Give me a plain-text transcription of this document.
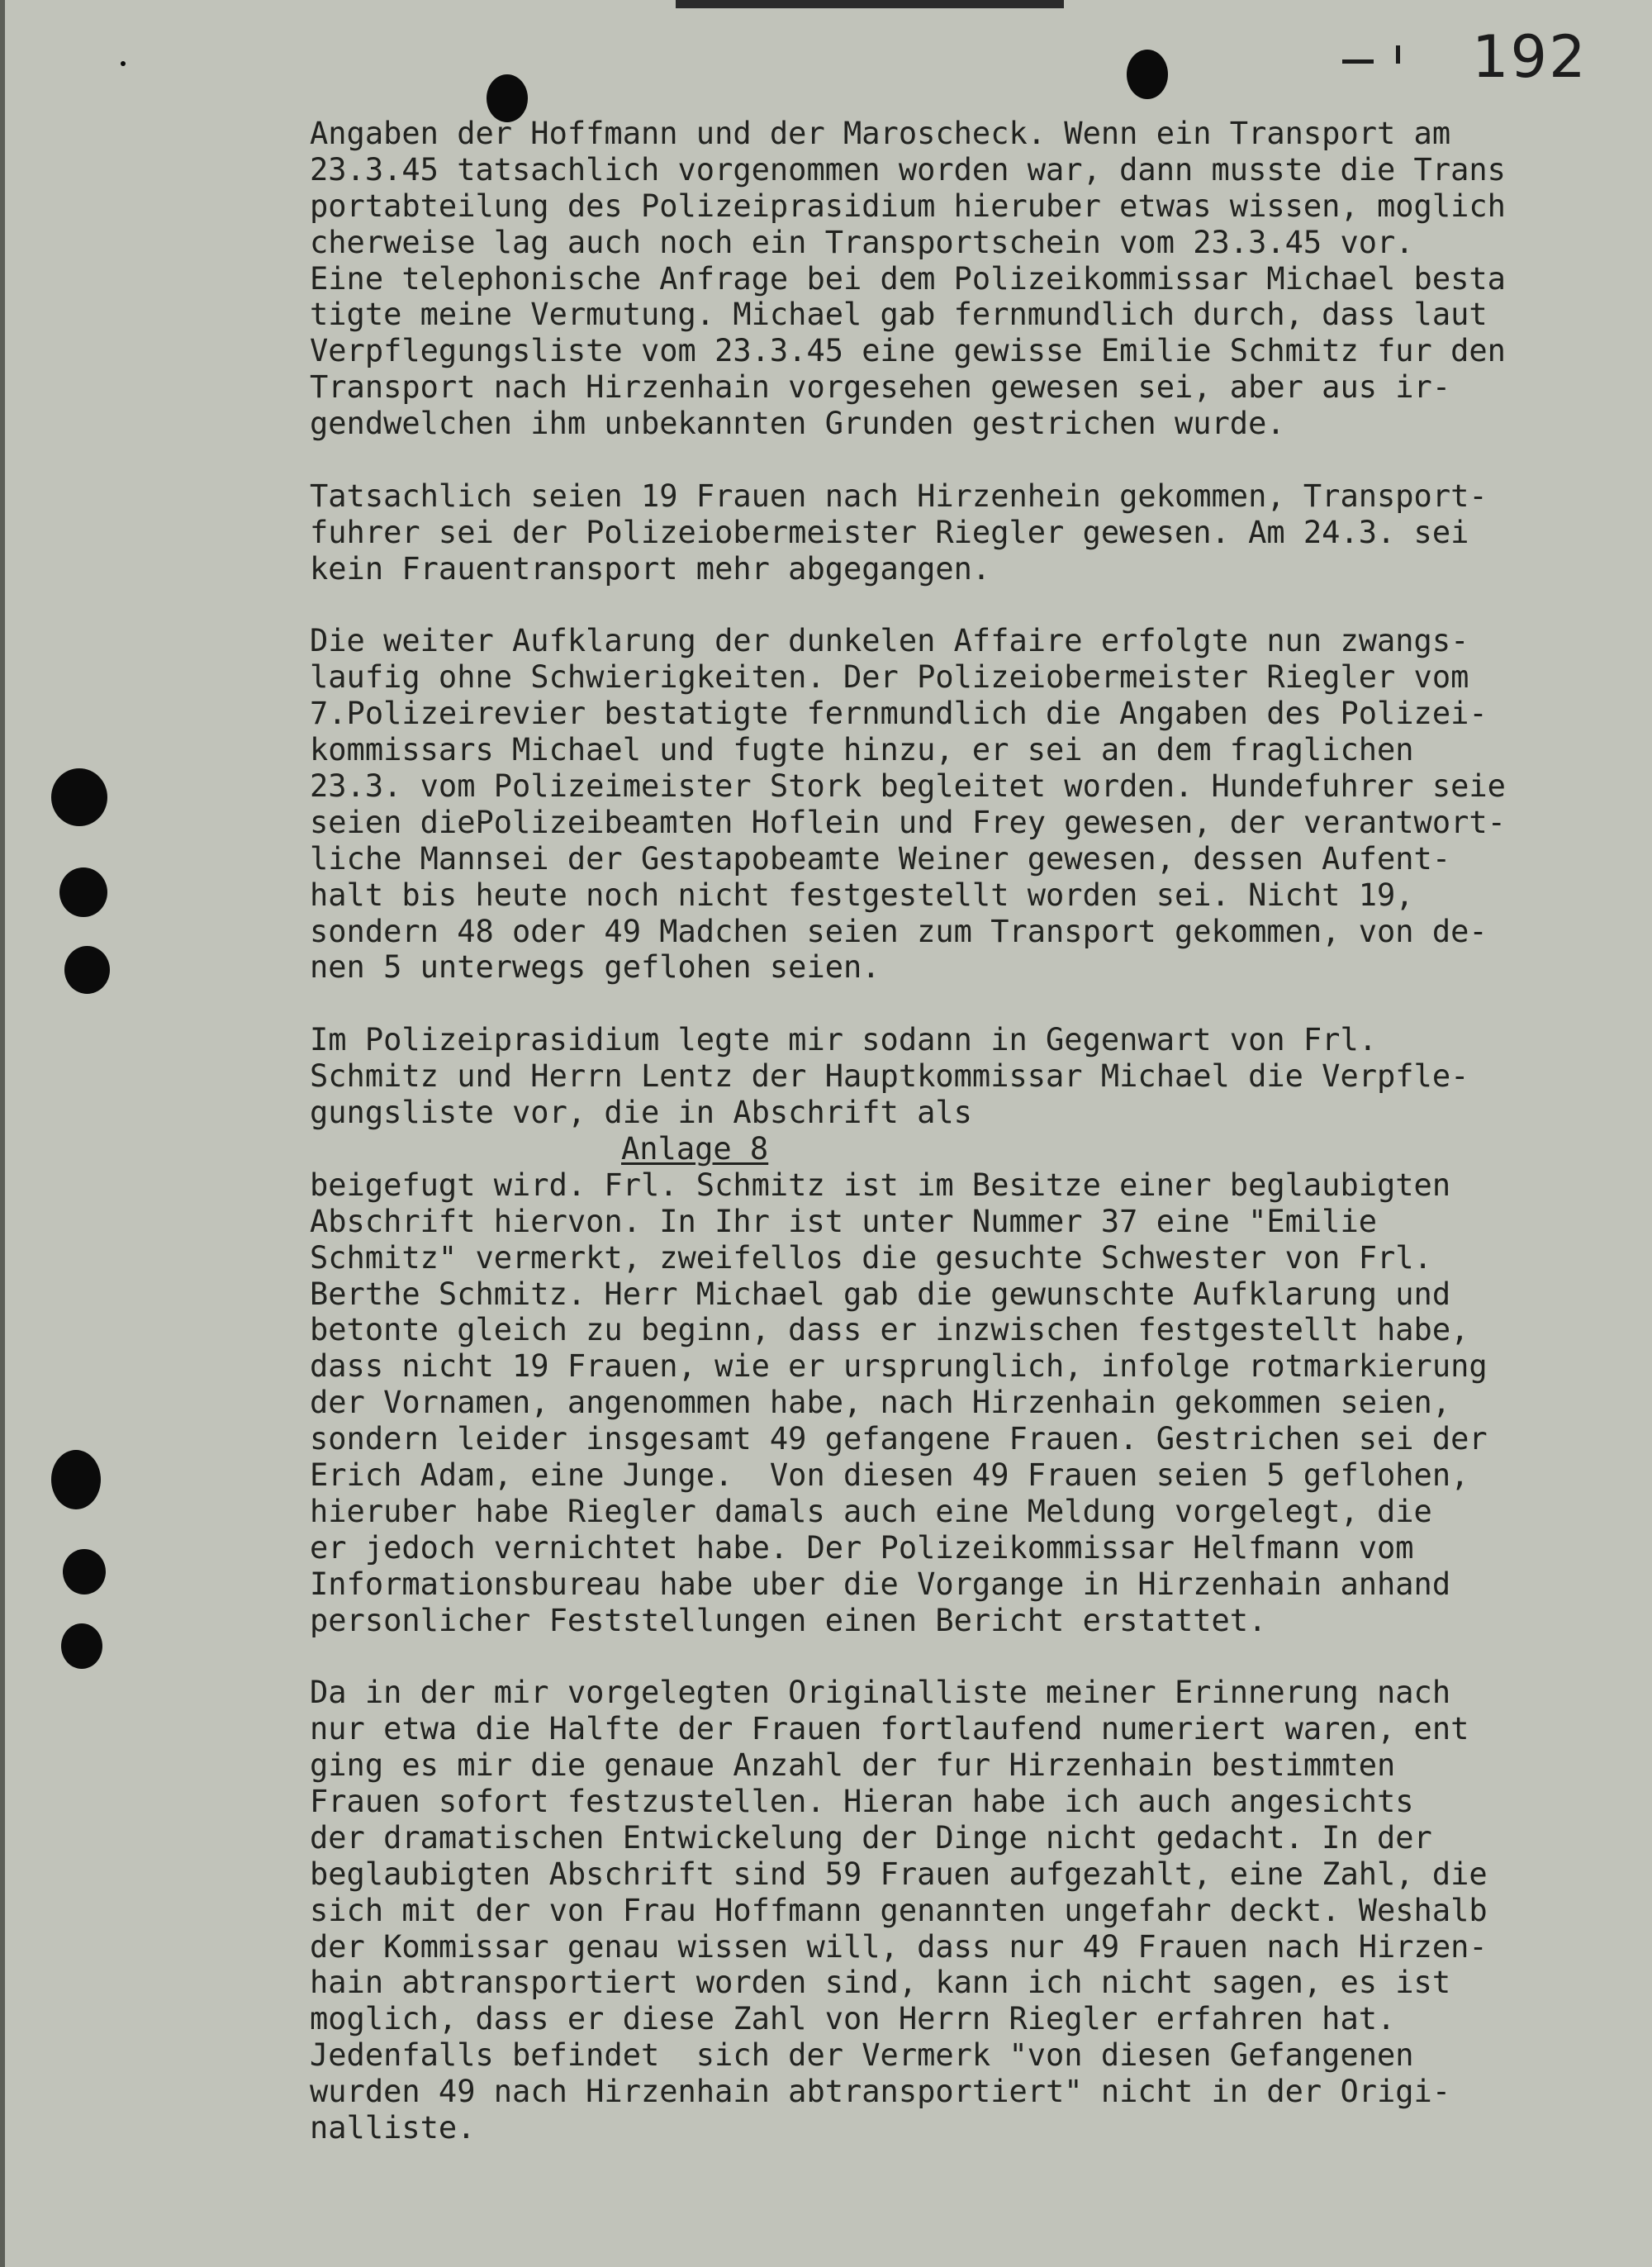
192
Angaben der Hoffmann und der Maroscheck. Wenn ein Transport am
23.3.45 tatsachlich vorgenommen worden war, dann musste die Trans
portabteilung des Polizeiprasidium hieruber etwas wissen, moglich
cherweise lag auch noch ein Transportschein vom 23.3.45 vor.
Eine telephonische Anfrage bei dem Polizeikommissar Michael besta
tigte meine Vermutung. Michael gab fernmundlich durch, dass laut
Verpflegungsliste vom 23.3.45 eine gewisse Emilie Schmitz fur den
Transport nach Hirzenhain vorgesehen gewesen sei, aber aus ir-
gendwelchen ihm unbekannten Grunden gestrichen wurde.
Tatsachlich seien 19 Frauen nach Hirzenhein gekommen, Transport-
fuhrer sei der Polizeiobermeister Riegler gewesen. Am 24.3. sei
kein Frauentransport mehr abgegangen.
Die weiter Aufklarung der dunkelen Affaire erfolgte nun zwangs-
laufig ohne Schwierigkeiten. Der Polizeiobermeister Riegler vom
7.Polizeirevier bestatigte fernmundlich die Angaben des Polizei-
kommissars Michael und fugte hinzu, er sei an dem fraglichen
23.3. vom Polizeimeister Stork begleitet worden. Hundefuhrer seie
seien diePolizeibeamten Hoflein und Frey gewesen, der verantwort-
liche Mannsei der Gestapobeamte Weiner gewesen, dessen Aufent-
halt bis heute noch nicht festgestellt worden sei. Nicht 19,
sondern 48 oder 49 Madchen seien zum Transport gekommen, von de-
nen 5 unterwegs geflohen seien.
Im Polizeiprasidium legte mir sodann in Gegenwart von Frl.
Schmitz und Herrn Lentz der Hauptkommissar Michael die Verpfle-
gungsliste vor, die in Abschrift als
Anlage 8
beigefugt wird. Frl. Schmitz ist im Besitze einer beglaubigten
Abschrift hiervon. In Ihr ist unter Nummer 37 eine "Emilie
Schmitz" vermerkt, zweifellos die gesuchte Schwester von Frl.
Berthe Schmitz. Herr Michael gab die gewunschte Aufklarung und
betonte gleich zu beginn, dass er inzwischen festgestellt habe,
dass nicht 19 Frauen, wie er ursprunglich, infolge rotmarkierung
der Vornamen, angenommen habe, nach Hirzenhain gekommen seien,
sondern leider insgesamt 49 gefangene Frauen. Gestrichen sei der
Erich Adam, eine Junge.  Von diesen 49 Frauen seien 5 geflohen,
hieruber habe Riegler damals auch eine Meldung vorgelegt, die
er jedoch vernichtet habe. Der Polizeikommissar Helfmann vom
Informationsbureau habe uber die Vorgange in Hirzenhain anhand
personlicher Feststellungen einen Bericht erstattet.
Da in der mir vorgelegten Originalliste meiner Erinnerung nach
nur etwa die Halfte der Frauen fortlaufend numeriert waren, ent
ging es mir die genaue Anzahl der fur Hirzenhain bestimmten
Frauen sofort festzustellen. Hieran habe ich auch angesichts
der dramatischen Entwickelung der Dinge nicht gedacht. In der
beglaubigten Abschrift sind 59 Frauen aufgezahlt, eine Zahl, die
sich mit der von Frau Hoffmann genannten ungefahr deckt. Weshalb
der Kommissar genau wissen will, dass nur 49 Frauen nach Hirzen-
hain abtransportiert worden sind, kann ich nicht sagen, es ist
moglich, dass er diese Zahl von Herrn Riegler erfahren hat.
Jedenfalls befindet  sich der Vermerk "von diesen Gefangenen
wurden 49 nach Hirzenhain abtransportiert" nicht in der Origi-
nalliste.
